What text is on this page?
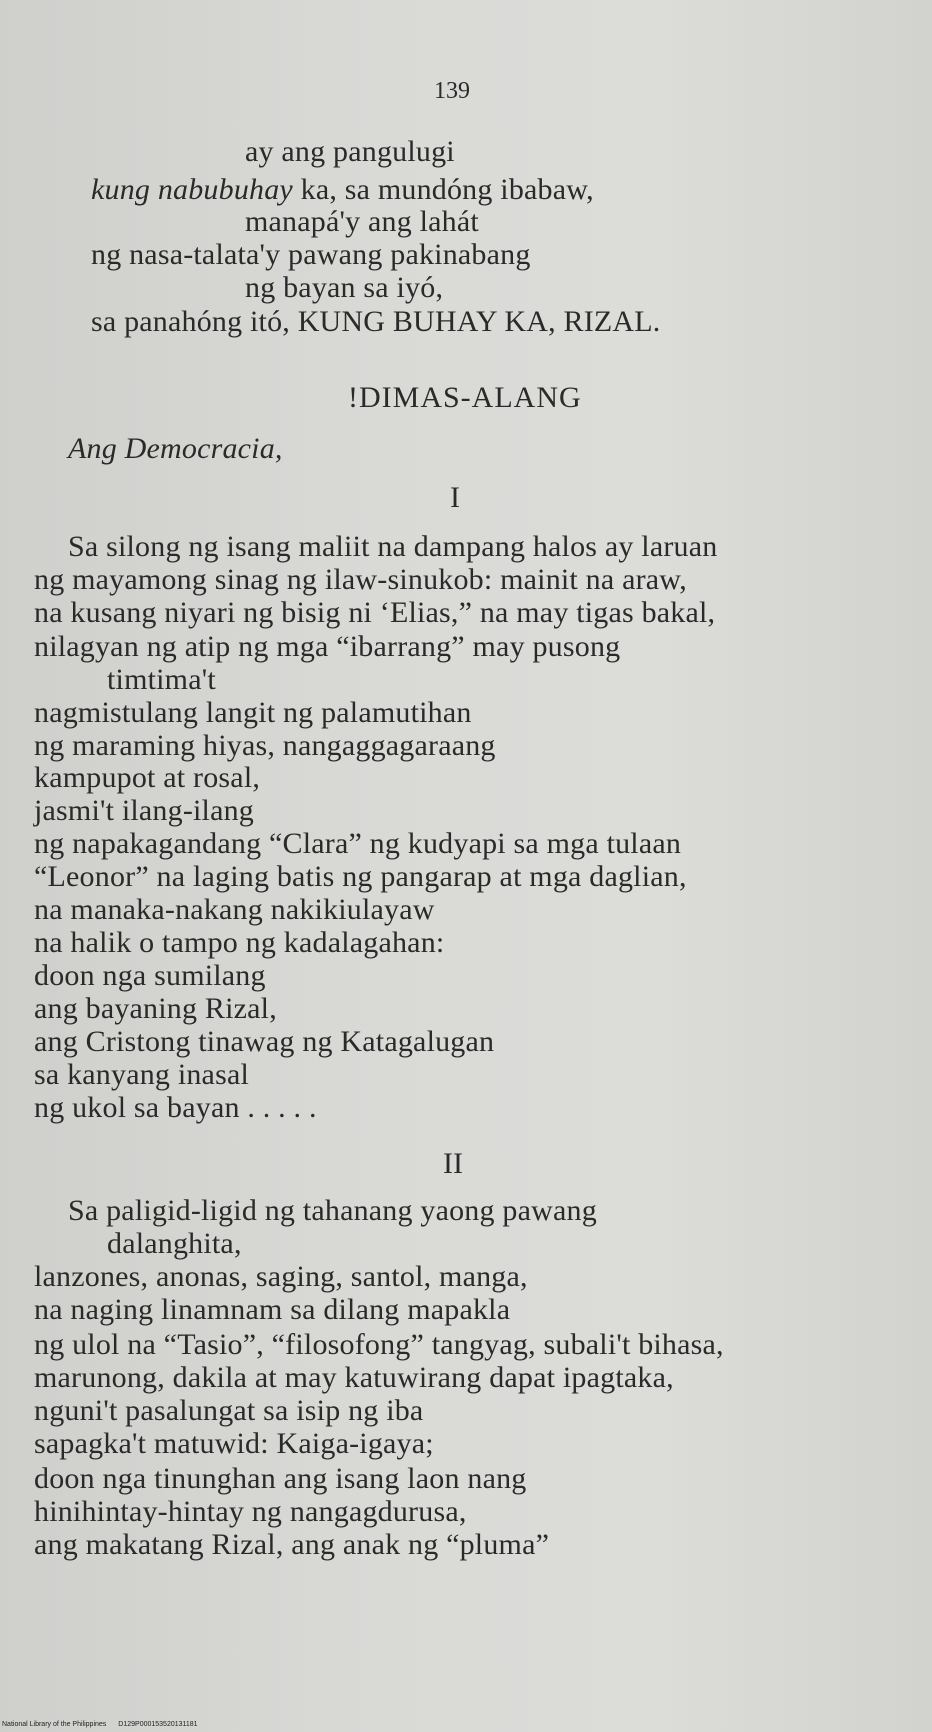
139
ay ang pangulugi
kung nabubuhay ka, sa mundóng ibabaw,
manapá'y ang lahát
ng nasa-talata'y pawang pakinabang
ng bayan sa iyó,
sa panahóng itó, KUNG BUHAY KA, RIZAL.
!DIMAS-ALANG
Ang Democracia,
I
Sa silong ng isang maliit na dampang halos ay laruan
ng mayamong sinag ng ilaw-sinukob: mainit na araw,
na kusang niyari ng bisig ni ‘Elias,” na may tigas bakal,
nilagyan ng atip ng mga “ibarrang” may pusong
timtima't
nagmistulang langit ng palamutihan
ng maraming hiyas, nangaggagaraang
kampupot at rosal,
jasmi't ilang-ilang
ng napakagandang “Clara” ng kudyapi sa mga tulaan
“Leonor” na laging batis ng pangarap at mga daglian,
na manaka-nakang nakikiulayaw
na halik o tampo ng kadalagahan:
doon nga sumilang
ang bayaning Rizal,
ang Cristong tinawag ng Katagalugan
sa kanyang inasal
ng ukol sa bayan . . . . .
II
Sa paligid-ligid ng tahanang yaong pawang
dalanghita,
lanzones, anonas, saging, santol, manga,
na naging linamnam sa dilang mapakla
ng ulol na “Tasio”, “filosofong” tangyag, subali't bihasa,
marunong, dakila at may katuwirang dapat ipagtaka,
nguni't pasalungat sa isip ng iba
sapagka't matuwid: Kaiga-igaya;
doon nga tinunghan ang isang laon nang
hinihintay-hintay ng nangagdurusa,
ang makatang Rizal, ang anak ng “pluma”
National Library of the Philippines D129P000153520131181
